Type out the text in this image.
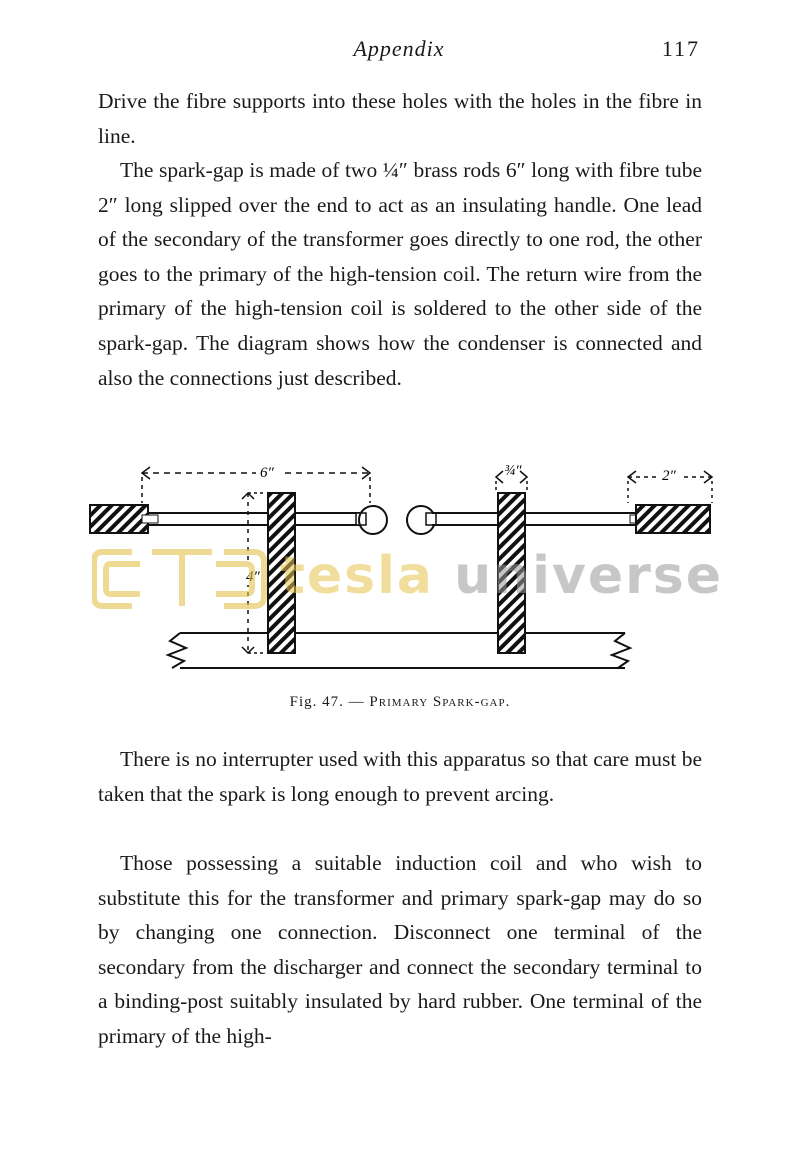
Appendix	117
Drive the fibre supports into these holes with the holes in the fibre in line.
The spark-gap is made of two ¼″ brass rods 6″ long with fibre tube 2″ long slipped over the end to act as an insulating handle. One lead of the secondary of the transformer goes directly to one rod, the other goes to the primary of the high-tension coil. The return wire from the primary of the high-tension coil is soldered to the other side of the spark-gap. The diagram shows how the condenser is connected and also the connections just described.
6″	¾″	2″
4″
Fig. 47. — Primary Spark-gap.
tesla universe
There is no interrupter used with this apparatus so that care must be taken that the spark is long enough to prevent arcing.
Those possessing a suitable induction coil and who wish to substitute this for the transformer and primary spark-gap may do so by changing one connection. Disconnect one terminal of the secondary from the discharger and connect the secondary terminal to a binding-post suitably insulated by hard rubber. One terminal of the primary of the high-
